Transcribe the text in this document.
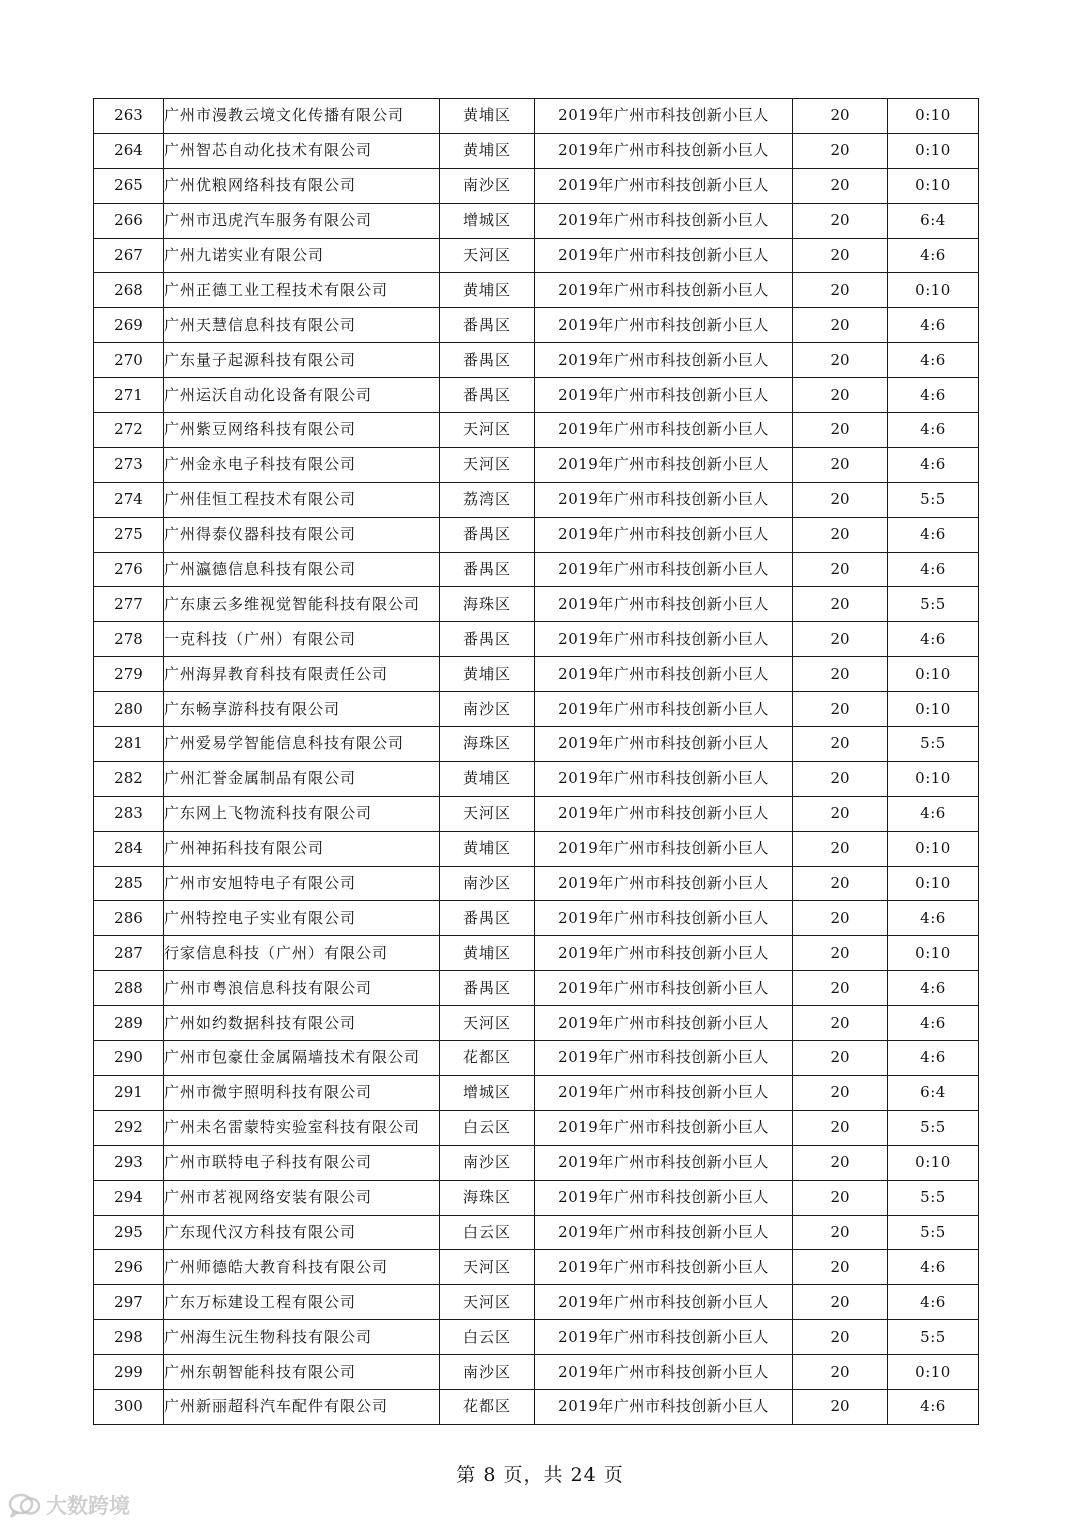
263	广州市漫教云境文化传播有限公司	黄埔区	2019年广州市科技创新小巨人	20	0:10
264	广州智芯自动化技术有限公司	黄埔区	2019年广州市科技创新小巨人	20	0:10
265	广州优粮网络科技有限公司	南沙区	2019年广州市科技创新小巨人	20	0:10
266	广州市迅虎汽车服务有限公司	增城区	2019年广州市科技创新小巨人	20	6:4
267	广州九诺实业有限公司	天河区	2019年广州市科技创新小巨人	20	4:6
268	广州正德工业工程技术有限公司	黄埔区	2019年广州市科技创新小巨人	20	0:10
269	广州天慧信息科技有限公司	番禺区	2019年广州市科技创新小巨人	20	4:6
270	广东量子起源科技有限公司	番禺区	2019年广州市科技创新小巨人	20	4:6
271	广州运沃自动化设备有限公司	番禺区	2019年广州市科技创新小巨人	20	4:6
272	广州紫豆网络科技有限公司	天河区	2019年广州市科技创新小巨人	20	4:6
273	广州金永电子科技有限公司	天河区	2019年广州市科技创新小巨人	20	4:6
274	广州佳恒工程技术有限公司	荔湾区	2019年广州市科技创新小巨人	20	5:5
275	广州得泰仪器科技有限公司	番禺区	2019年广州市科技创新小巨人	20	4:6
276	广州瀛德信息科技有限公司	番禺区	2019年广州市科技创新小巨人	20	4:6
277	广东康云多维视觉智能科技有限公司	海珠区	2019年广州市科技创新小巨人	20	5:5
278	一克科技（广州）有限公司	番禺区	2019年广州市科技创新小巨人	20	4:6
279	广州海昇教育科技有限责任公司	黄埔区	2019年广州市科技创新小巨人	20	0:10
280	广东畅享游科技有限公司	南沙区	2019年广州市科技创新小巨人	20	0:10
281	广州爱易学智能信息科技有限公司	海珠区	2019年广州市科技创新小巨人	20	5:5
282	广州汇誉金属制品有限公司	黄埔区	2019年广州市科技创新小巨人	20	0:10
283	广东网上飞物流科技有限公司	天河区	2019年广州市科技创新小巨人	20	4:6
284	广州神拓科技有限公司	黄埔区	2019年广州市科技创新小巨人	20	0:10
285	广州市安旭特电子有限公司	南沙区	2019年广州市科技创新小巨人	20	0:10
286	广州特控电子实业有限公司	番禺区	2019年广州市科技创新小巨人	20	4:6
287	行家信息科技（广州）有限公司	黄埔区	2019年广州市科技创新小巨人	20	0:10
288	广州市粤浪信息科技有限公司	番禺区	2019年广州市科技创新小巨人	20	4:6
289	广州如约数据科技有限公司	天河区	2019年广州市科技创新小巨人	20	4:6
290	广州市包豪仕金属隔墙技术有限公司	花都区	2019年广州市科技创新小巨人	20	4:6
291	广州市微宇照明科技有限公司	增城区	2019年广州市科技创新小巨人	20	6:4
292	广州未名雷蒙特实验室科技有限公司	白云区	2019年广州市科技创新小巨人	20	5:5
293	广州市联特电子科技有限公司	南沙区	2019年广州市科技创新小巨人	20	0:10
294	广州市茗视网络安装有限公司	海珠区	2019年广州市科技创新小巨人	20	5:5
295	广东现代汉方科技有限公司	白云区	2019年广州市科技创新小巨人	20	5:5
296	广州师德皓大教育科技有限公司	天河区	2019年广州市科技创新小巨人	20	4:6
297	广东万标建设工程有限公司	天河区	2019年广州市科技创新小巨人	20	4:6
298	广州海生沅生物科技有限公司	白云区	2019年广州市科技创新小巨人	20	5:5
299	广州东朝智能科技有限公司	南沙区	2019年广州市科技创新小巨人	20	0:10
300	广州新丽超科汽车配件有限公司	花都区	2019年广州市科技创新小巨人	20	4:6
第 8 页，共 24 页
大数跨境
